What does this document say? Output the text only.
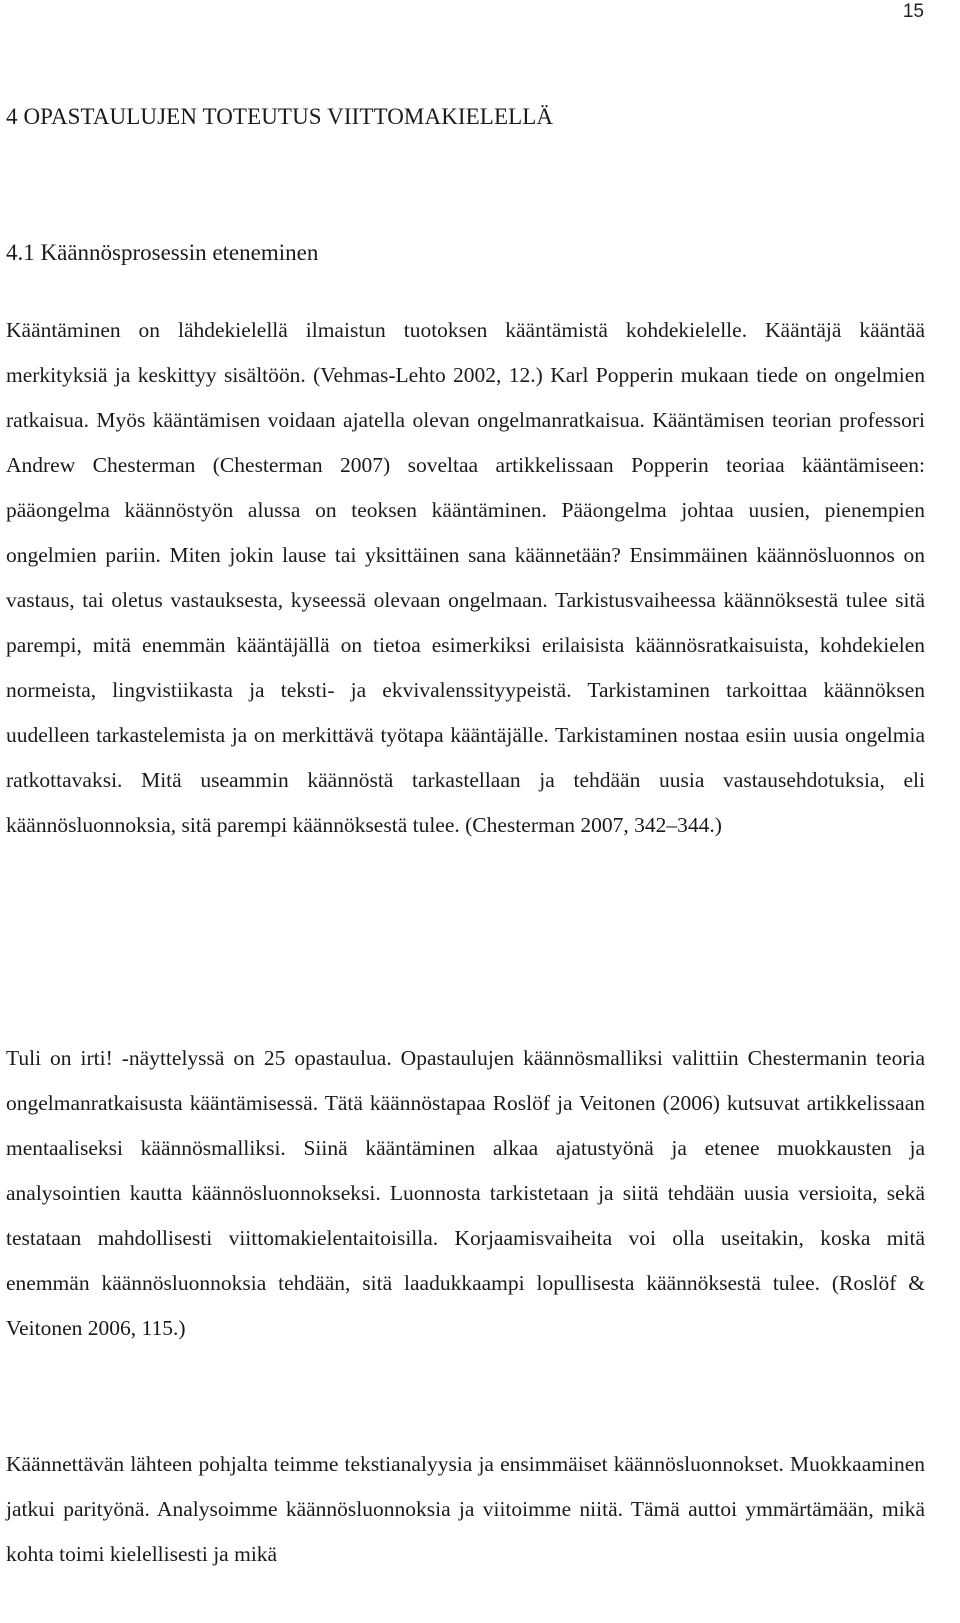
15
4 OPASTAULUJEN TOTEUTUS VIITTOMAKIELELLÄ
4.1 Käännösprosessin eteneminen

Kääntäminen on lähdekielellä ilmaistun tuotoksen kääntämistä kohdekielelle. Kääntäjä kääntää merkityksiä ja keskittyy sisältöön. (Vehmas-Lehto 2002, 12.) Karl Popperin mukaan tiede on ongelmien ratkaisua. Myös kääntämisen voidaan ajatella olevan ongelmanratkaisua. Kääntämisen teorian professori Andrew Chesterman (Chesterman 2007) soveltaa artikkelissaan Popperin teoriaa kääntämiseen: pääongelma käännöstyön alussa on teoksen kääntäminen. Pääongelma johtaa uusien, pienempien ongelmien pariin. Miten jokin lause tai yksittäinen sana käännetään? Ensimmäinen käännösluonnos on vastaus, tai oletus vastauksesta, kyseessä olevaan ongelmaan. Tarkistusvaiheessa käännöksestä tulee sitä parempi, mitä enemmän kääntäjällä on tietoa esimerkiksi erilaisista käännösratkaisuista, kohdekielen normeista, lingvistiikasta ja teksti- ja ekvivalenssityypeistä. Tarkistaminen tarkoittaa käännöksen uudelleen tarkastelemista ja on merkittävä työtapa kääntäjälle. Tarkistaminen nostaa esiin uusia ongelmia ratkottavaksi. Mitä useammin käännöstä tarkastellaan ja tehdään uusia vastausehdotuksia, eli käännösluonnoksia, sitä parempi käännöksestä tulee. (Chesterman 2007, 342–344.)

Tuli on irti! -näyttelyssä on 25 opastaulua. Opastaulujen käännösmalliksi valittiin Chestermanin teoria ongelmanratkaisusta kääntämisessä. Tätä käännöstapaa Roslöf ja Veitonen (2006) kutsuvat artikkelissaan mentaaliseksi käännösmalliksi. Siinä kääntäminen alkaa ajatustyönä ja etenee muokkausten ja analysointien kautta käännösluonnokseksi. Luonnosta tarkistetaan ja siitä tehdään uusia versioita, sekä testataan mahdollisesti viittomakielentaitoisilla. Korjaamisvaiheita voi olla useitakin, koska mitä enemmän käännösluonnoksia tehdään, sitä laadukkaampi lopullisesta käännöksestä tulee. (Roslöf & Veitonen 2006, 115.)

Käännettävän lähteen pohjalta teimme tekstianalyysia ja ensimmäiset käännösluonnokset. Muokkaaminen jatkui parityönä. Analysoimme käännösluonnoksia ja viitoimme niitä. Tämä auttoi ymmärtämään, mikä kohta toimi kielellisesti ja mikä
